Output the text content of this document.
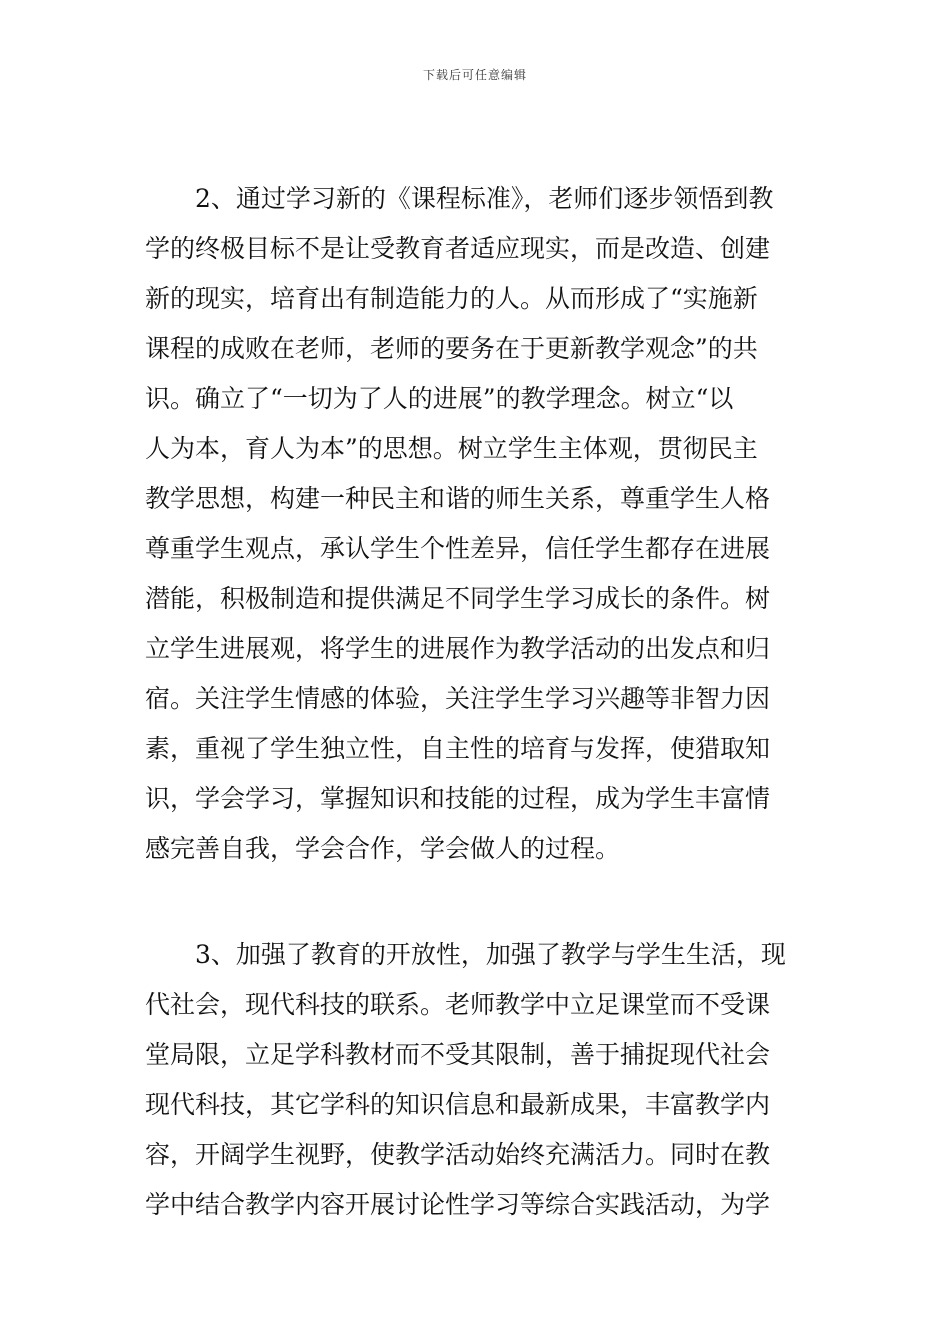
下载后可任意编辑
2、通过学习新的《课程标准》，老师们逐步领悟到教
学的终极目标不是让受教育者适应现实，而是改造、创建
新的现实，培育出有制造能力的人。从而形成了“实施新
课程的成败在老师，老师的要务在于更新教学观念”的共
识。确立了“一切为了人的进展”的教学理念。树立“以
人为本，育人为本”的思想。树立学生主体观，贯彻民主
教学思想，构建一种民主和谐的师生关系，尊重学生人格
尊重学生观点，承认学生个性差异，信任学生都存在进展
潜能，积极制造和提供满足不同学生学习成长的条件。树
立学生进展观，将学生的进展作为教学活动的出发点和归
宿。关注学生情感的体验，关注学生学习兴趣等非智力因
素，重视了学生独立性，自主性的培育与发挥，使猎取知
识，学会学习，掌握知识和技能的过程，成为学生丰富情
感完善自我，学会合作，学会做人的过程。
3、加强了教育的开放性，加强了教学与学生生活，现
代社会，现代科技的联系。老师教学中立足课堂而不受课
堂局限，立足学科教材而不受其限制，善于捕捉现代社会
现代科技，其它学科的知识信息和最新成果，丰富教学内
容，开阔学生视野，使教学活动始终充满活力。同时在教
学中结合教学内容开展讨论性学习等综合实践活动，为学
